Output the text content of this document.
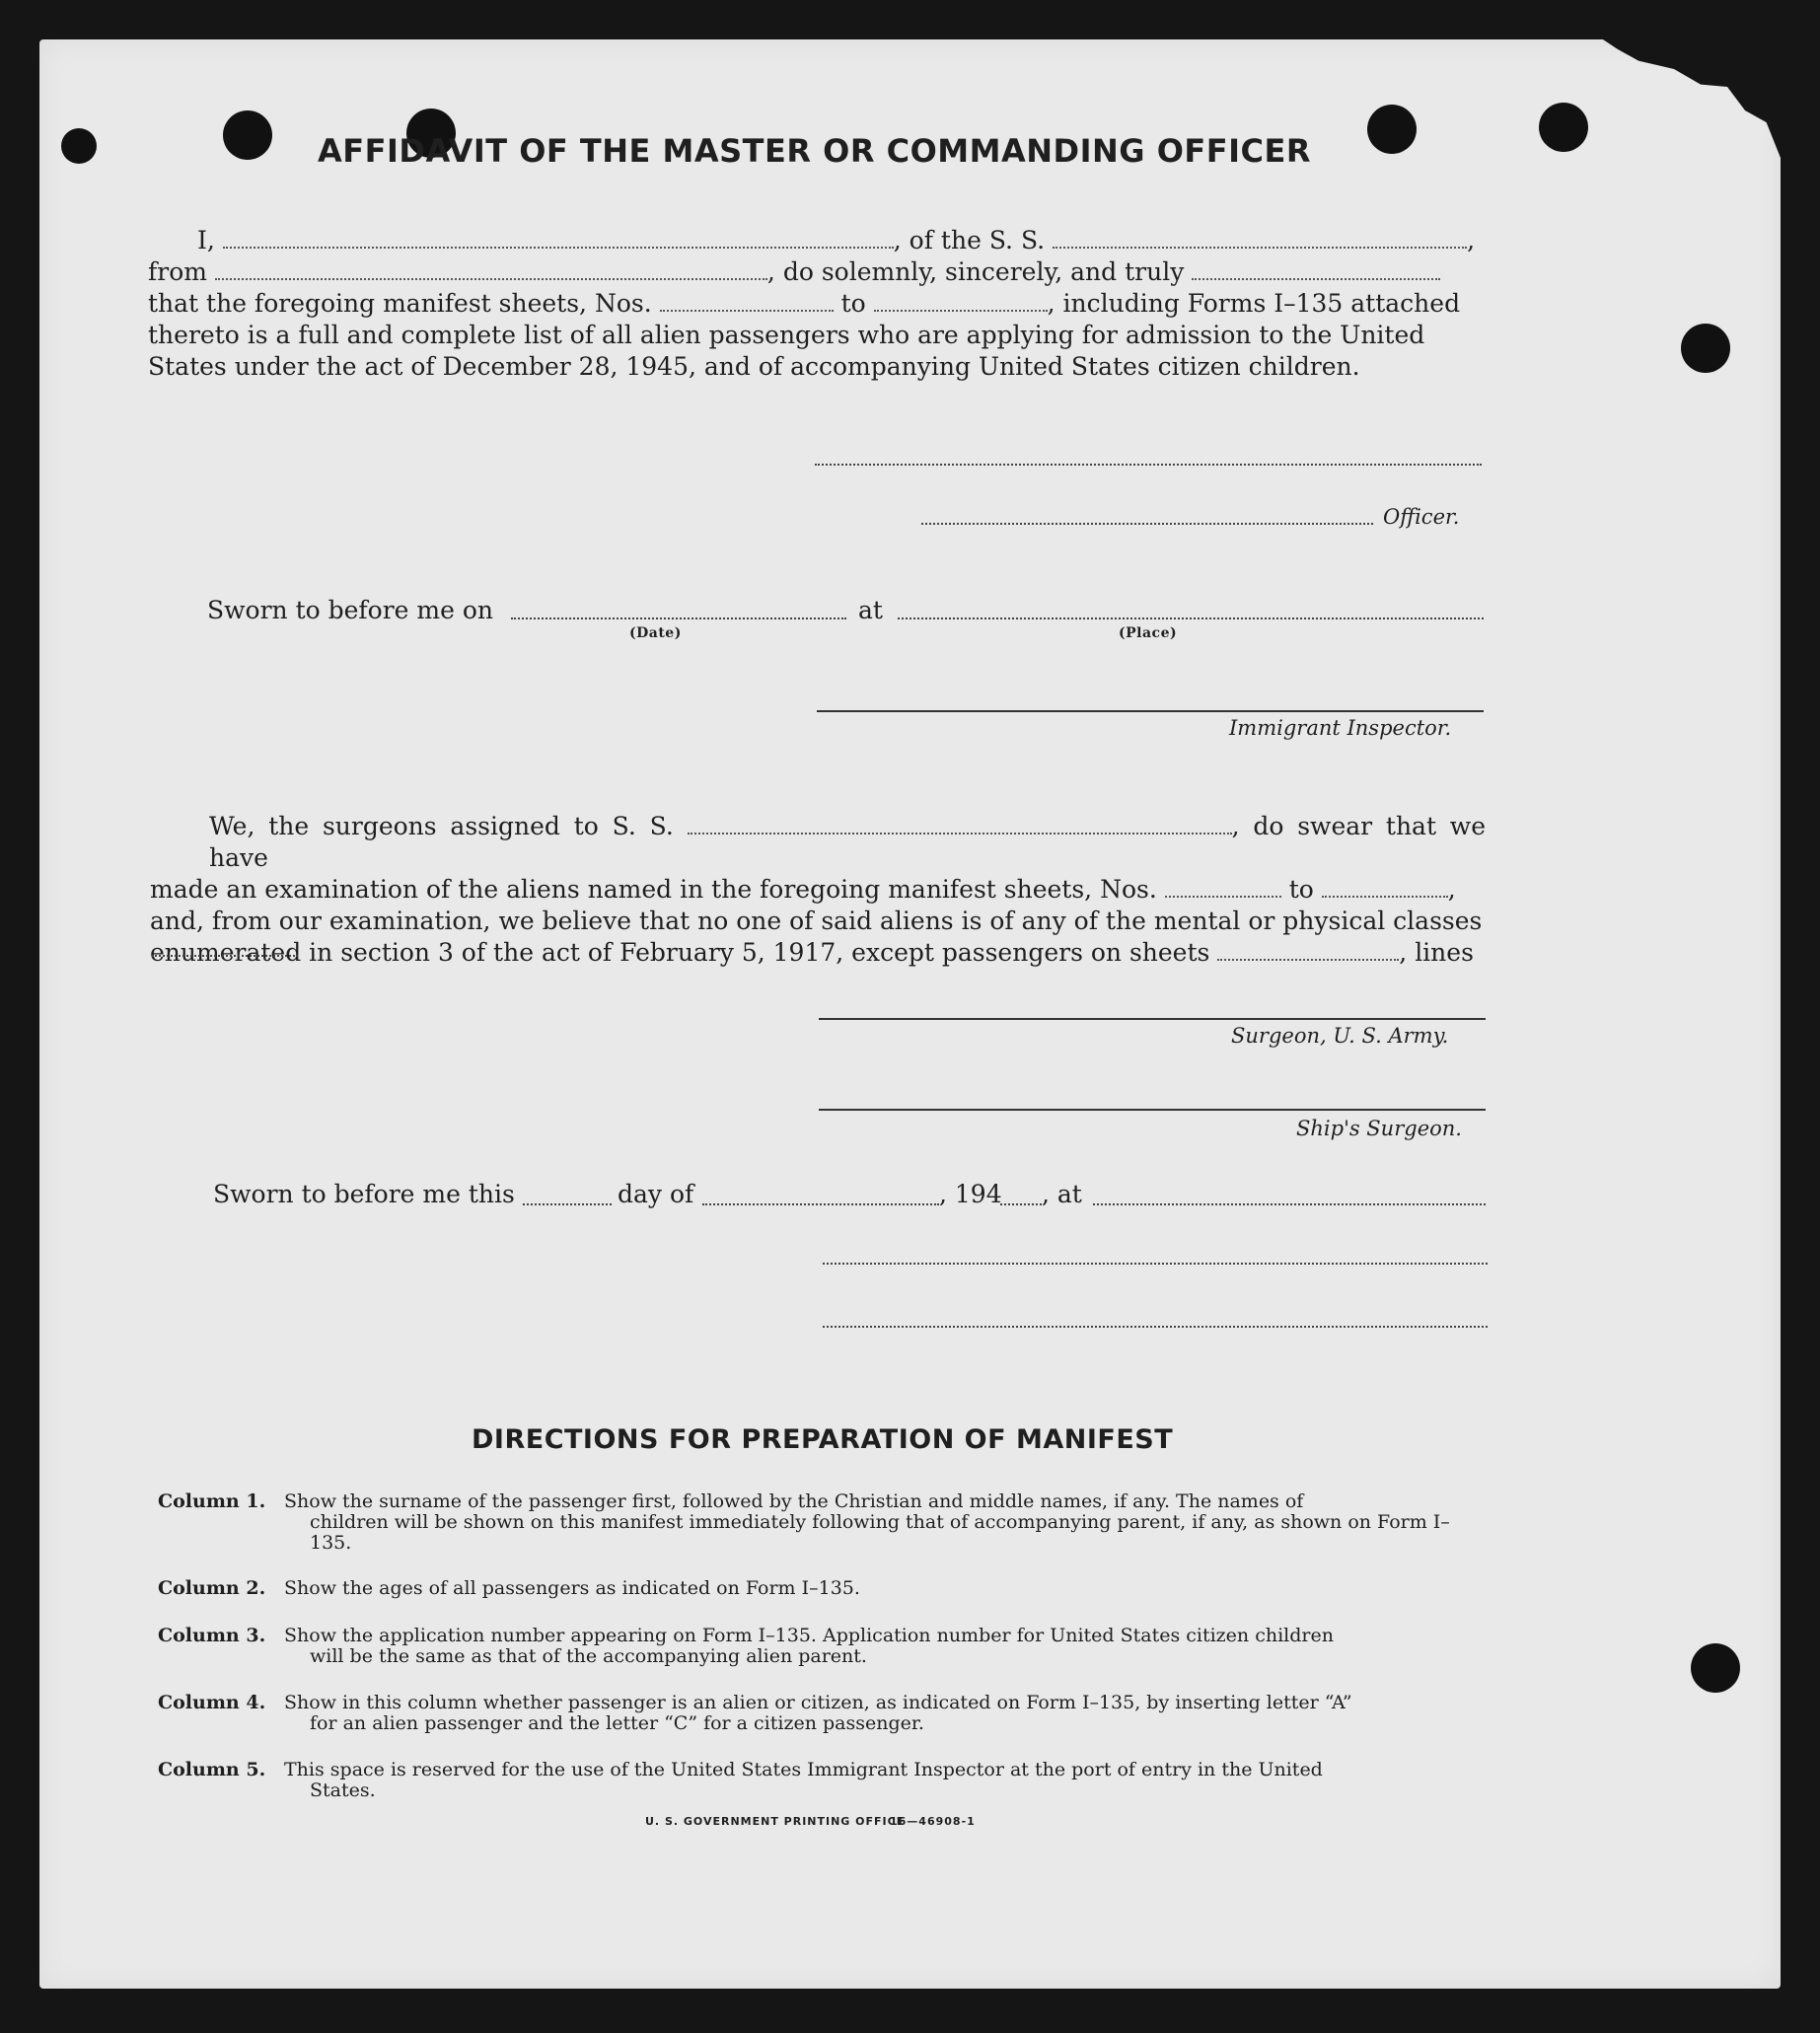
AFFIDAVIT OF THE MASTER OR COMMANDING OFFICER

I,	, of the S. S.	,

from	, do solemnly, sincerely, and truly

that the foregoing manifest sheets, Nos.	to	, including Forms I–135 attached

thereto is a full and complete list of all alien passengers who are applying for admission to the United

States under the act of December 28, 1945, and of accompanying United States citizen children.

Officer.
Sworn to before me on
(Date)
at
(Place)
Immigrant Inspector.

We, the surgeons assigned to S. S.	, do swear that we have

made an examination of the aliens named in the foregoing manifest sheets, Nos.	to	,

and, from our examination, we believe that no one of said aliens is of any of the mental or physical classes

enumerated in section 3 of the act of February 5, 1917, except passengers on sheets	, lines

Surgeon, U. S. Army.
Ship's Surgeon.
Sworn to before me this	day of	, 194 , at
DIRECTIONS FOR PREPARATION OF MANIFEST
Column 1. Show the surname of the passenger first, followed by the Christian and middle names, if any. The names of
children will be shown on this manifest immediately following that of accompanying parent, if any, as shown on Form I–135.
Column 2. Show the ages of all passengers as indicated on Form I–135.
Column 3. Show the application number appearing on Form I–135. Application number for United States citizen children
will be the same as that of the accompanying alien parent.
Column 4. Show in this column whether passenger is an alien or citizen, as indicated on Form I–135, by inserting letter “A”
for an alien passenger and the letter “C” for a citizen passenger.
Column 5. This space is reserved for the use of the United States Immigrant Inspector at the port of entry in the United
States.
U. S. GOVERNMENT PRINTING OFFICE
16—46908-1
